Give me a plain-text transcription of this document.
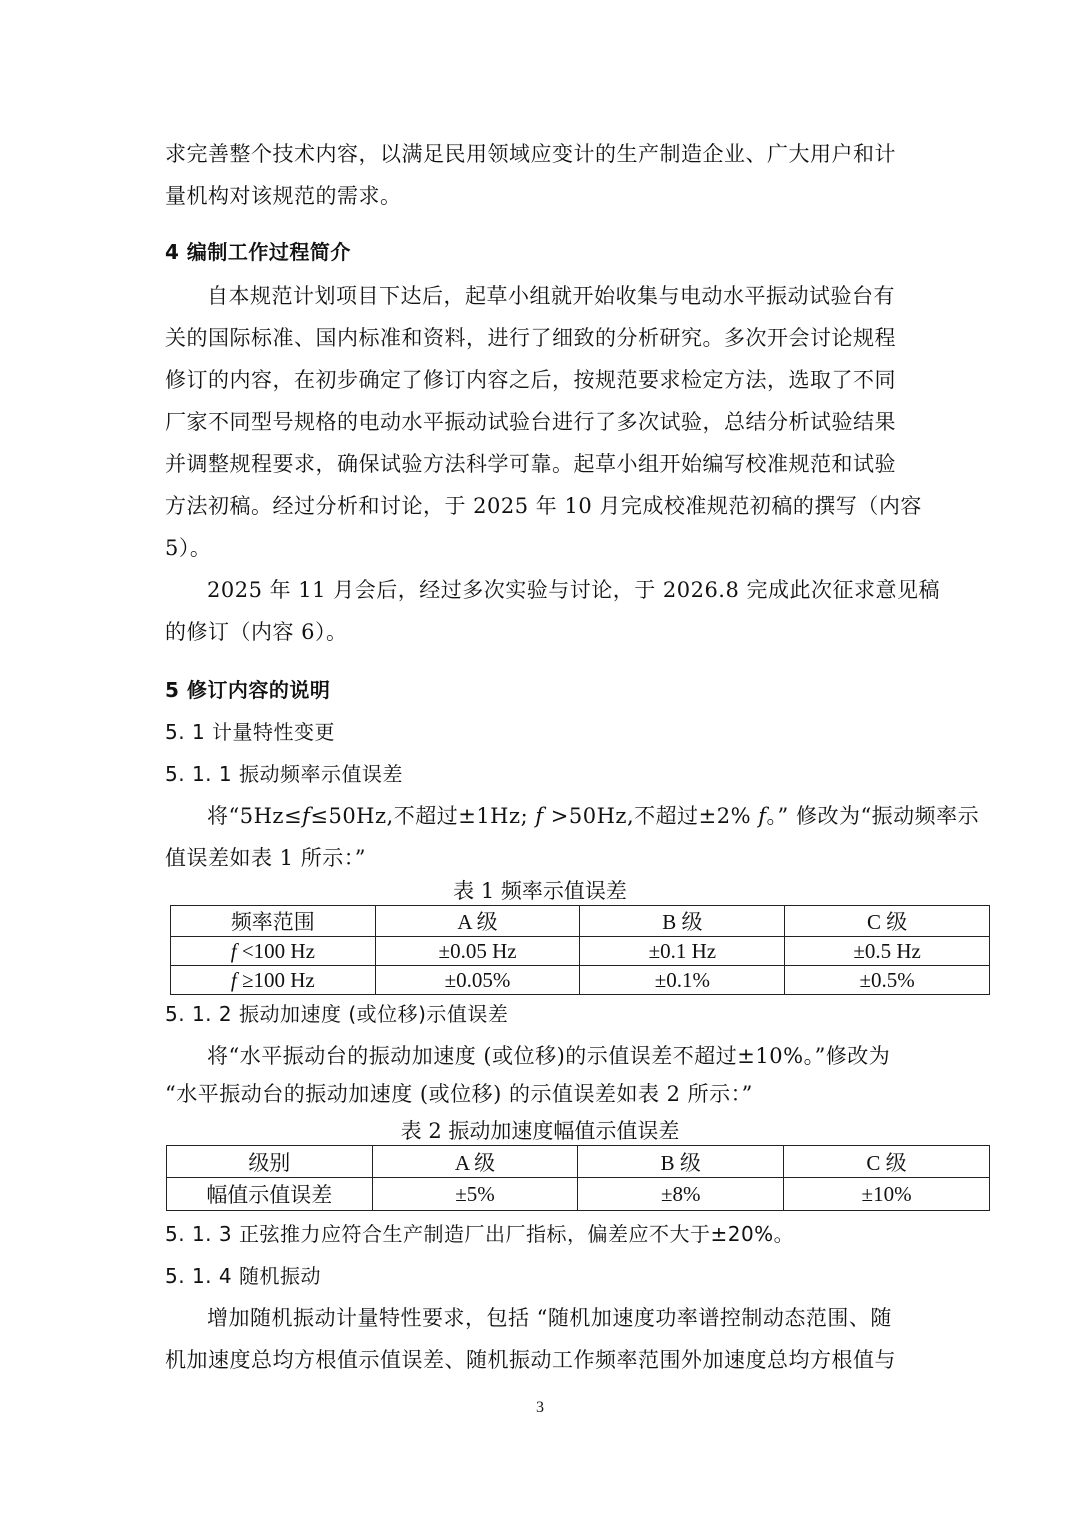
求完善整个技术内容，以满足民用领域应变计的生产制造企业、广大用户和计
量机构对该规范的需求。
4 编制工作过程简介
自本规范计划项目下达后，起草小组就开始收集与电动水平振动试验台有
关的国际标准、国内标准和资料，进行了细致的分析研究。多次开会讨论规程
修订的内容，在初步确定了修订内容之后，按规范要求检定方法，选取了不同
厂家不同型号规格的电动水平振动试验台进行了多次试验，总结分析试验结果
并调整规程要求，确保试验方法科学可靠。起草小组开始编写校准规范和试验
方法初稿。经过分析和讨论，于 2025 年 10 月完成校准规范初稿的撰写（内容
5）。
2025 年 11 月会后，经过多次实验与讨论，于 2026.8 完成此次征求意见稿
的修订（内容 6）。
5 修订内容的说明
5. 1 计量特性变更
5. 1. 1 振动频率示值误差
将“5Hz≤f≤50Hz,不超过±1Hz; f >50Hz,不超过±2% f。” 修改为“振动频率示
值误差如表 1 所示：”
表 1 频率示值误差
频率范围	A 级	B 级	C 级
f <100 Hz	±0.05 Hz	±0.1 Hz	±0.5 Hz
f ≥100 Hz	±0.05%	±0.1%	±0.5%
5. 1. 2 振动加速度 (或位移)示值误差
将“水平振动台的振动加速度 (或位移)的示值误差不超过±10%。”修改为
“水平振动台的振动加速度 (或位移) 的示值误差如表 2 所示：”
表 2 振动加速度幅值示值误差
级别	A 级	B 级	C 级
幅值示值误差	±5%	±8%	±10%
5. 1. 3 正弦推力应符合生产制造厂出厂指标，偏差应不大于±20%。
5. 1. 4 随机振动
增加随机振动计量特性要求，包括 “随机加速度功率谱控制动态范围、随
机加速度总均方根值示值误差、随机振动工作频率范围外加速度总均方根值与
3
